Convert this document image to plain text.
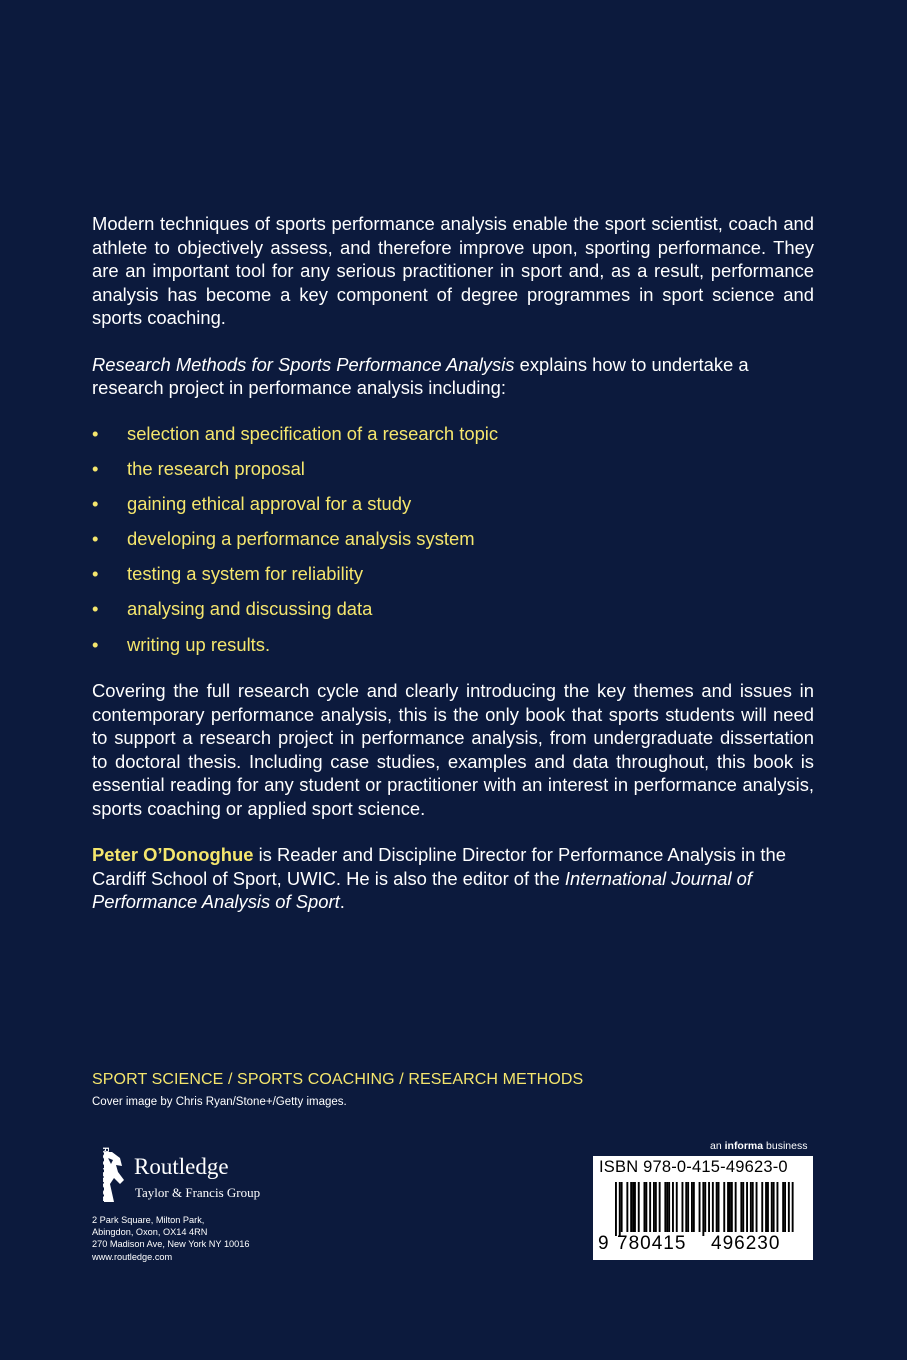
Modern techniques of sports performance analysis enable the sport scientist, coach and athlete to objectively assess, and therefore improve upon, sporting performance. They are an important tool for any serious practitioner in sport and, as a result, performance analysis has become a key component of degree programmes in sport science and sports coaching.

Research Methods for Sports Performance Analysis explains how to undertake a research project in performance analysis including:

• selection and specification of a research topic
• the research proposal
• gaining ethical approval for a study
• developing a performance analysis system
• testing a system for reliability
• analysing and discussing data
• writing up results.

Covering the full research cycle and clearly introducing the key themes and issues in contemporary performance analysis, this is the only book that sports students will need to support a research project in performance analysis, from undergraduate dissertation to doctoral thesis. Including case studies, examples and data throughout, this book is essential reading for any student or practitioner with an interest in performance analysis, sports coaching or applied sport science.

Peter O’Donoghue is Reader and Discipline Director for Performance Analysis in the Cardiff School of Sport, UWIC. He is also the editor of the International Journal of Performance Analysis of Sport.

SPORT SCIENCE / SPORTS COACHING / RESEARCH METHODS
Cover image by Chris Ryan/Stone+/Getty images.
ROUTLEDGE Routledge
Taylor & Francis Group
2 Park Square, Milton Park,
Abingdon, Oxon, OX14 4RN
270 Madison Ave, New York NY 10016
www.routledge.com
an informa business
ISBN 978-0-415-49623-0
9 780415 496230
